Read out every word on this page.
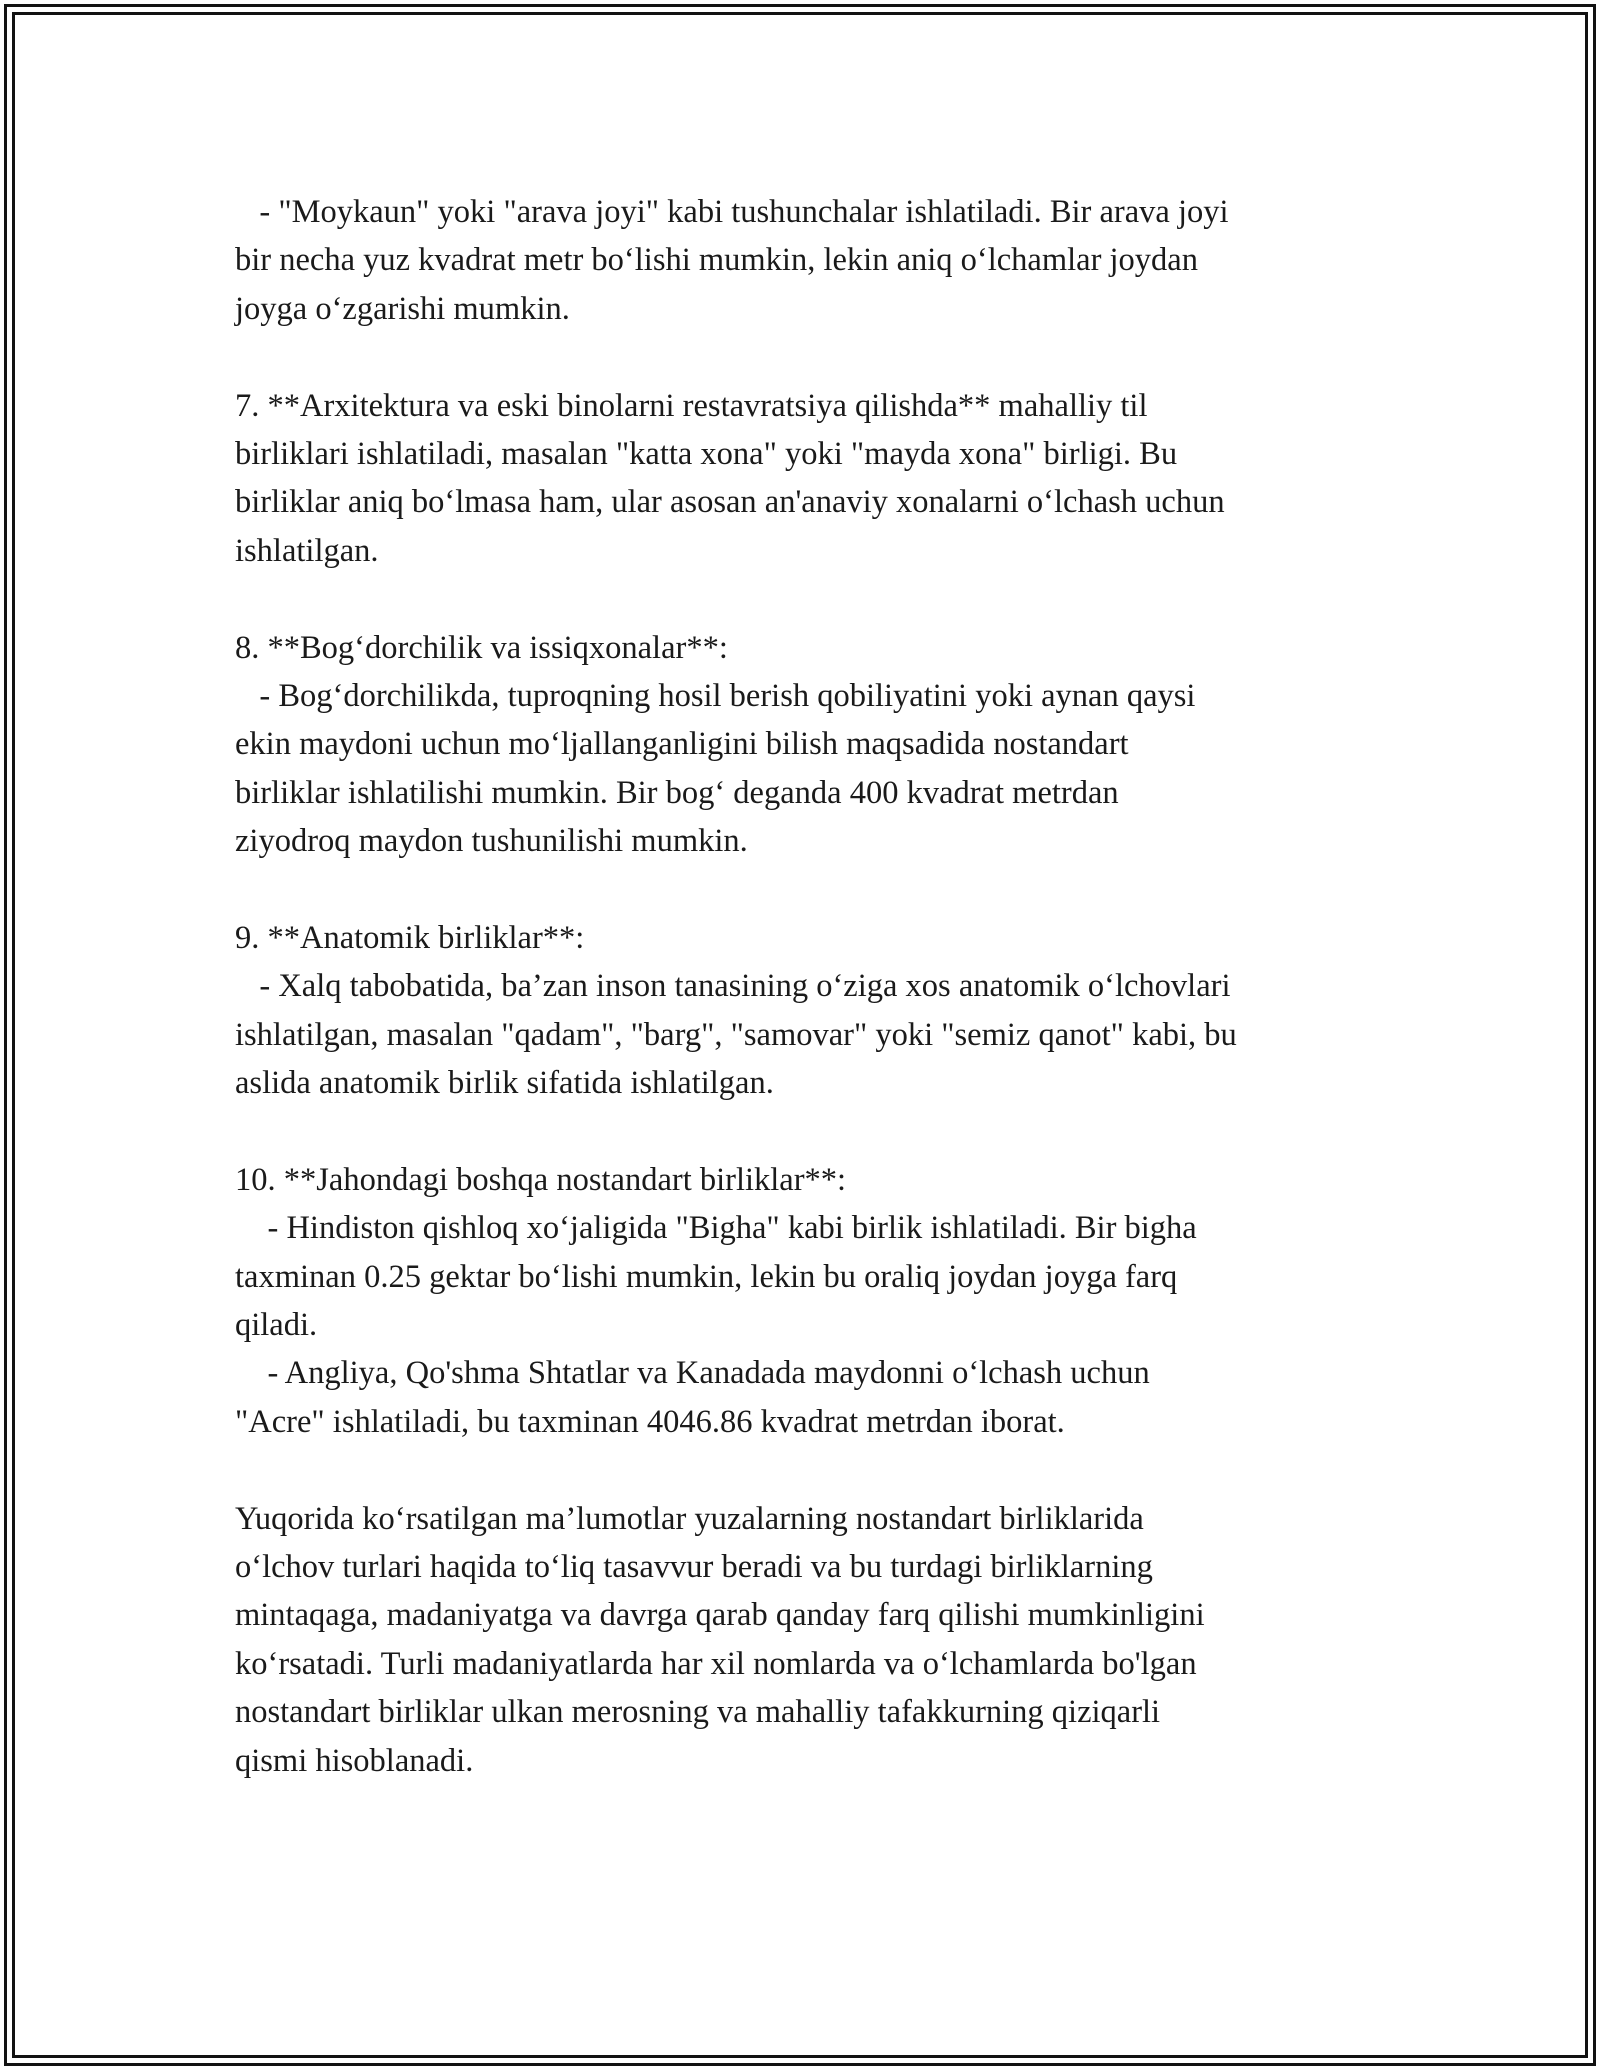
- "Moykaun" yoki "arava joyi" kabi tushunchalar ishlatiladi. Bir arava joyi
bir necha yuz kvadrat metr bo‘lishi mumkin, lekin aniq o‘lchamlar joydan
joyga o‘zgarishi mumkin.
7. **Arxitektura va eski binolarni restavratsiya qilishda** mahalliy til
birliklari ishlatiladi, masalan "katta xona" yoki "mayda xona" birligi. Bu
birliklar aniq bo‘lmasa ham, ular asosan an'anaviy xonalarni o‘lchash uchun
ishlatilgan.
8. **Bog‘dorchilik va issiqxonalar**:
- Bog‘dorchilikda, tuproqning hosil berish qobiliyatini yoki aynan qaysi
ekin maydoni uchun mo‘ljallanganligini bilish maqsadida nostandart
birliklar ishlatilishi mumkin. Bir bog‘ deganda 400 kvadrat metrdan
ziyodroq maydon tushunilishi mumkin.
9. **Anatomik birliklar**:
- Xalq tabobatida, ba’zan inson tanasining o‘ziga xos anatomik o‘lchovlari
ishlatilgan, masalan "qadam", "barg", "samovar" yoki "semiz qanot" kabi, bu
aslida anatomik birlik sifatida ishlatilgan.
10. **Jahondagi boshqa nostandart birliklar**:
- Hindiston qishloq xo‘jaligida "Bigha" kabi birlik ishlatiladi. Bir bigha
taxminan 0.25 gektar bo‘lishi mumkin, lekin bu oraliq joydan joyga farq
qiladi.
- Angliya, Qo'shma Shtatlar va Kanadada maydonni o‘lchash uchun
"Acre" ishlatiladi, bu taxminan 4046.86 kvadrat metrdan iborat.
Yuqorida ko‘rsatilgan ma’lumotlar yuzalarning nostandart birliklarida
o‘lchov turlari haqida to‘liq tasavvur beradi va bu turdagi birliklarning
mintaqaga, madaniyatga va davrga qarab qanday farq qilishi mumkinligini
ko‘rsatadi. Turli madaniyatlarda har xil nomlarda va o‘lchamlarda bo'lgan
nostandart birliklar ulkan merosning va mahalliy tafakkurning qiziqarli
qismi hisoblanadi.
